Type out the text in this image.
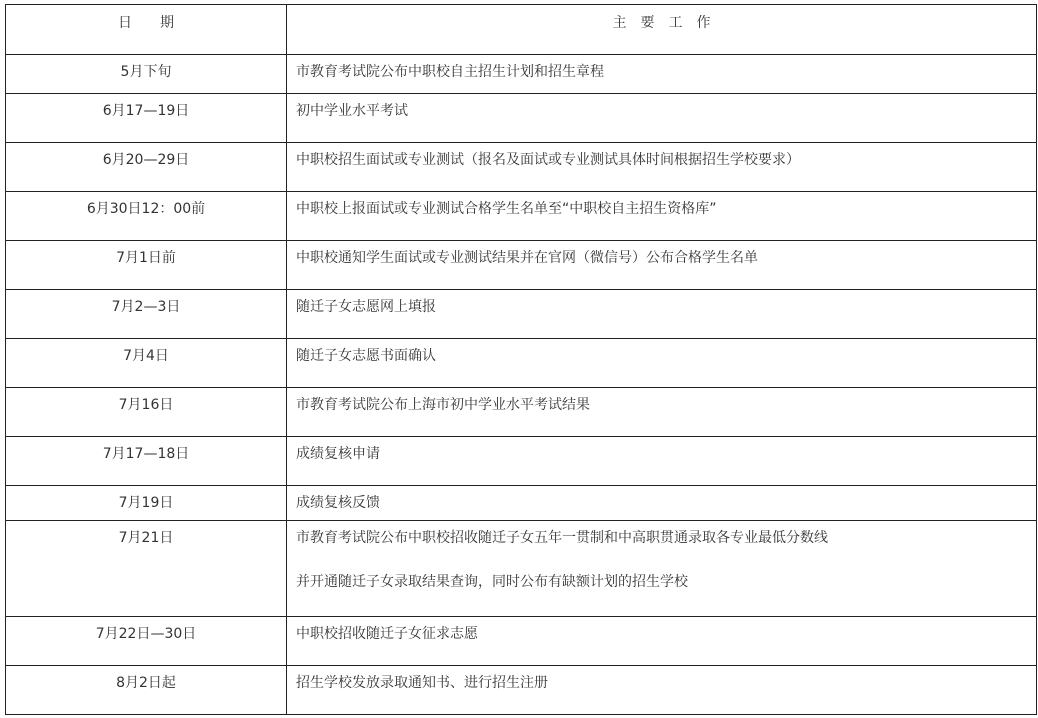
日　　期	主　要　工　作
5月下旬	市教育考试院公布中职校自主招生计划和招生章程
6月17—19日	初中学业水平考试
6月20—29日	中职校招生面试或专业测试（报名及面试或专业测试具体时间根据招生学校要求）
6月30日12：00前	中职校上报面试或专业测试合格学生名单至“中职校自主招生资格库”
7月1日前	中职校通知学生面试或专业测试结果并在官网（微信号）公布合格学生名单
7月2—3日	随迁子女志愿网上填报
7月4日	随迁子女志愿书面确认
7月16日	市教育考试院公布上海市初中学业水平考试结果
7月17—18日	成绩复核申请
7月19日	成绩复核反馈
7月21日	市教育考试院公布中职校招收随迁子女五年一贯制和中高职贯通录取各专业最低分数线
并开通随迁子女录取结果查询，同时公布有缺额计划的招生学校

7月22日—30日	中职校招收随迁子女征求志愿
8月2日起	招生学校发放录取通知书、进行招生注册
